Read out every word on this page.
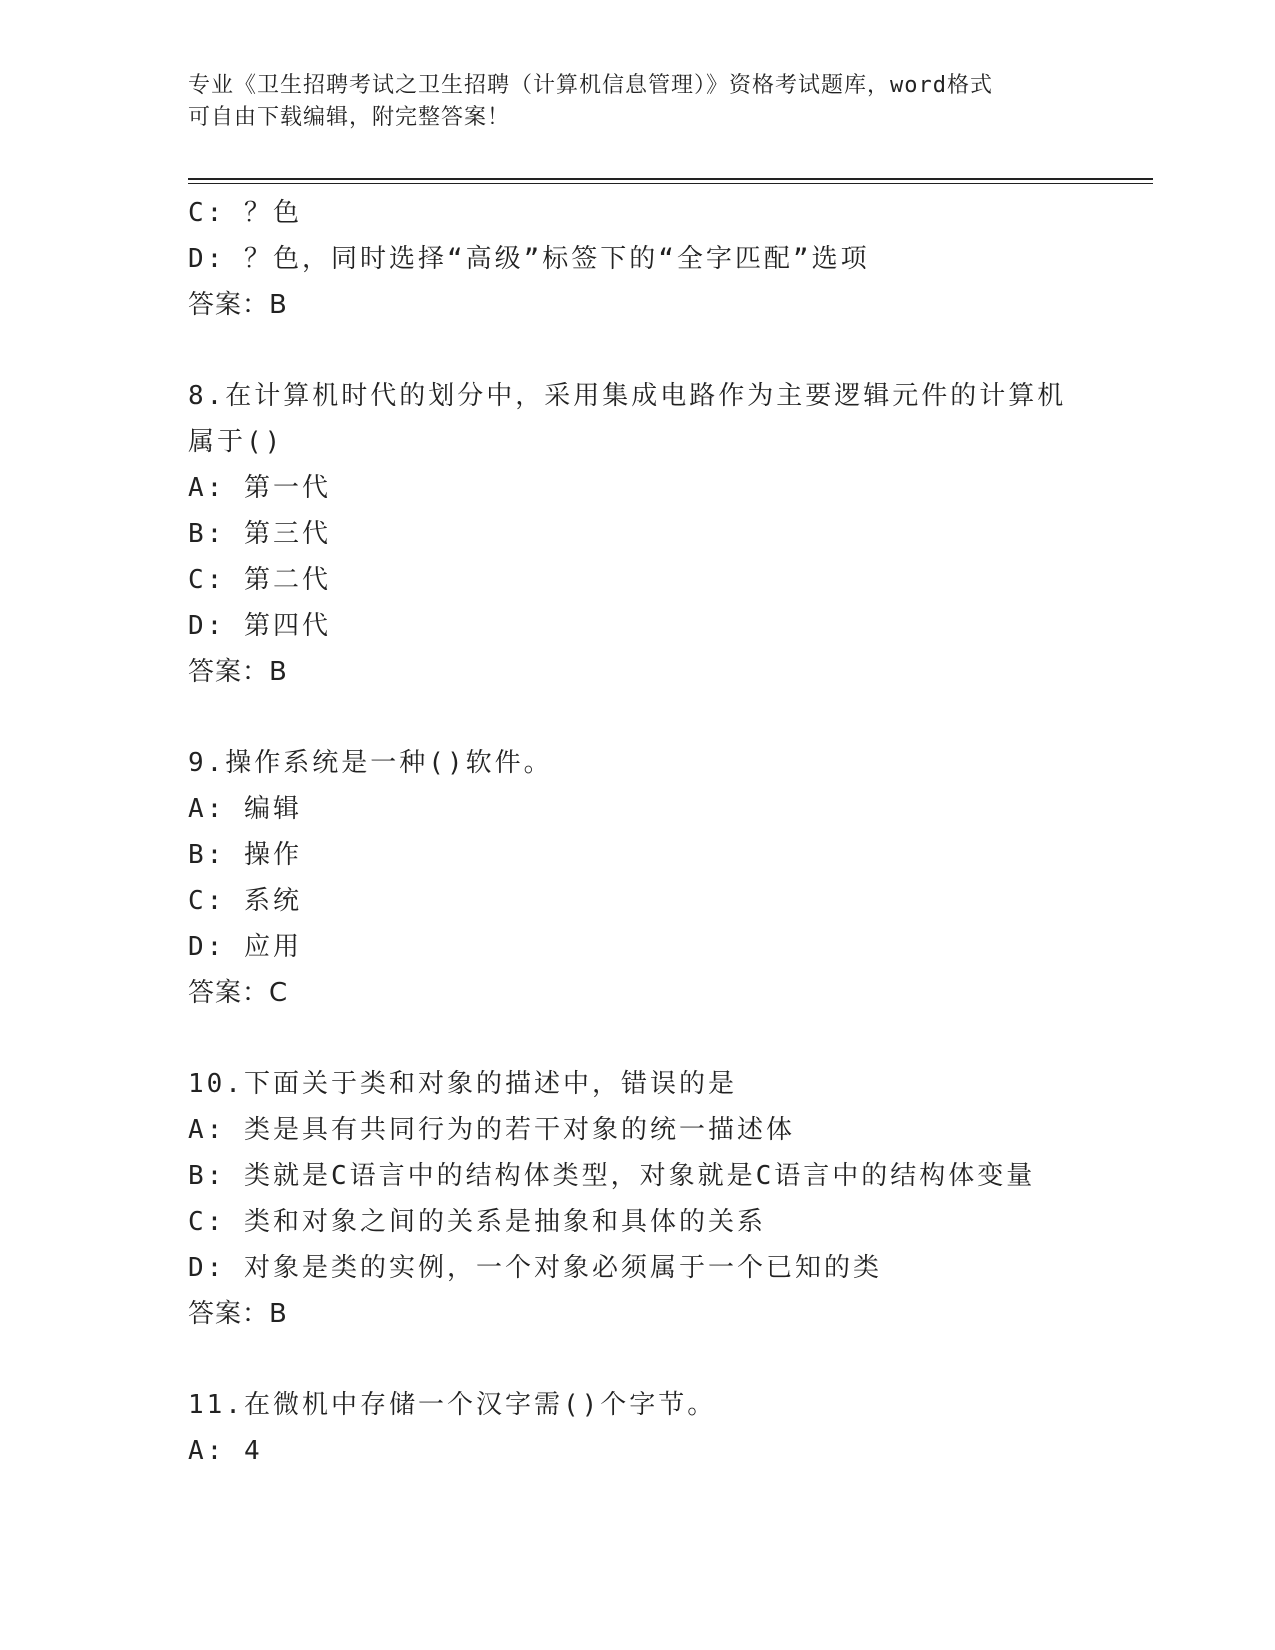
专业《卫生招聘考试之卫生招聘（计算机信息管理）》资格考试题库，word格式
可自由下载编辑，附完整答案！
C: ？色
D: ？色，同时选择“高级”标签下的“全字匹配”选项
答案：B
8.在计算机时代的划分中，采用集成电路作为主要逻辑元件的计算机
属于()
A: 第一代
B: 第三代
C: 第二代
D: 第四代
答案：B
9.操作系统是一种()软件。
A: 编辑
B: 操作
C: 系统
D: 应用
答案：C
10.下面关于类和对象的描述中，错误的是
A: 类是具有共同行为的若干对象的统一描述体
B: 类就是C语言中的结构体类型，对象就是C语言中的结构体变量
C: 类和对象之间的关系是抽象和具体的关系
D: 对象是类的实例，一个对象必须属于一个已知的类
答案：B
11.在微机中存储一个汉字需()个字节。
A: 4
